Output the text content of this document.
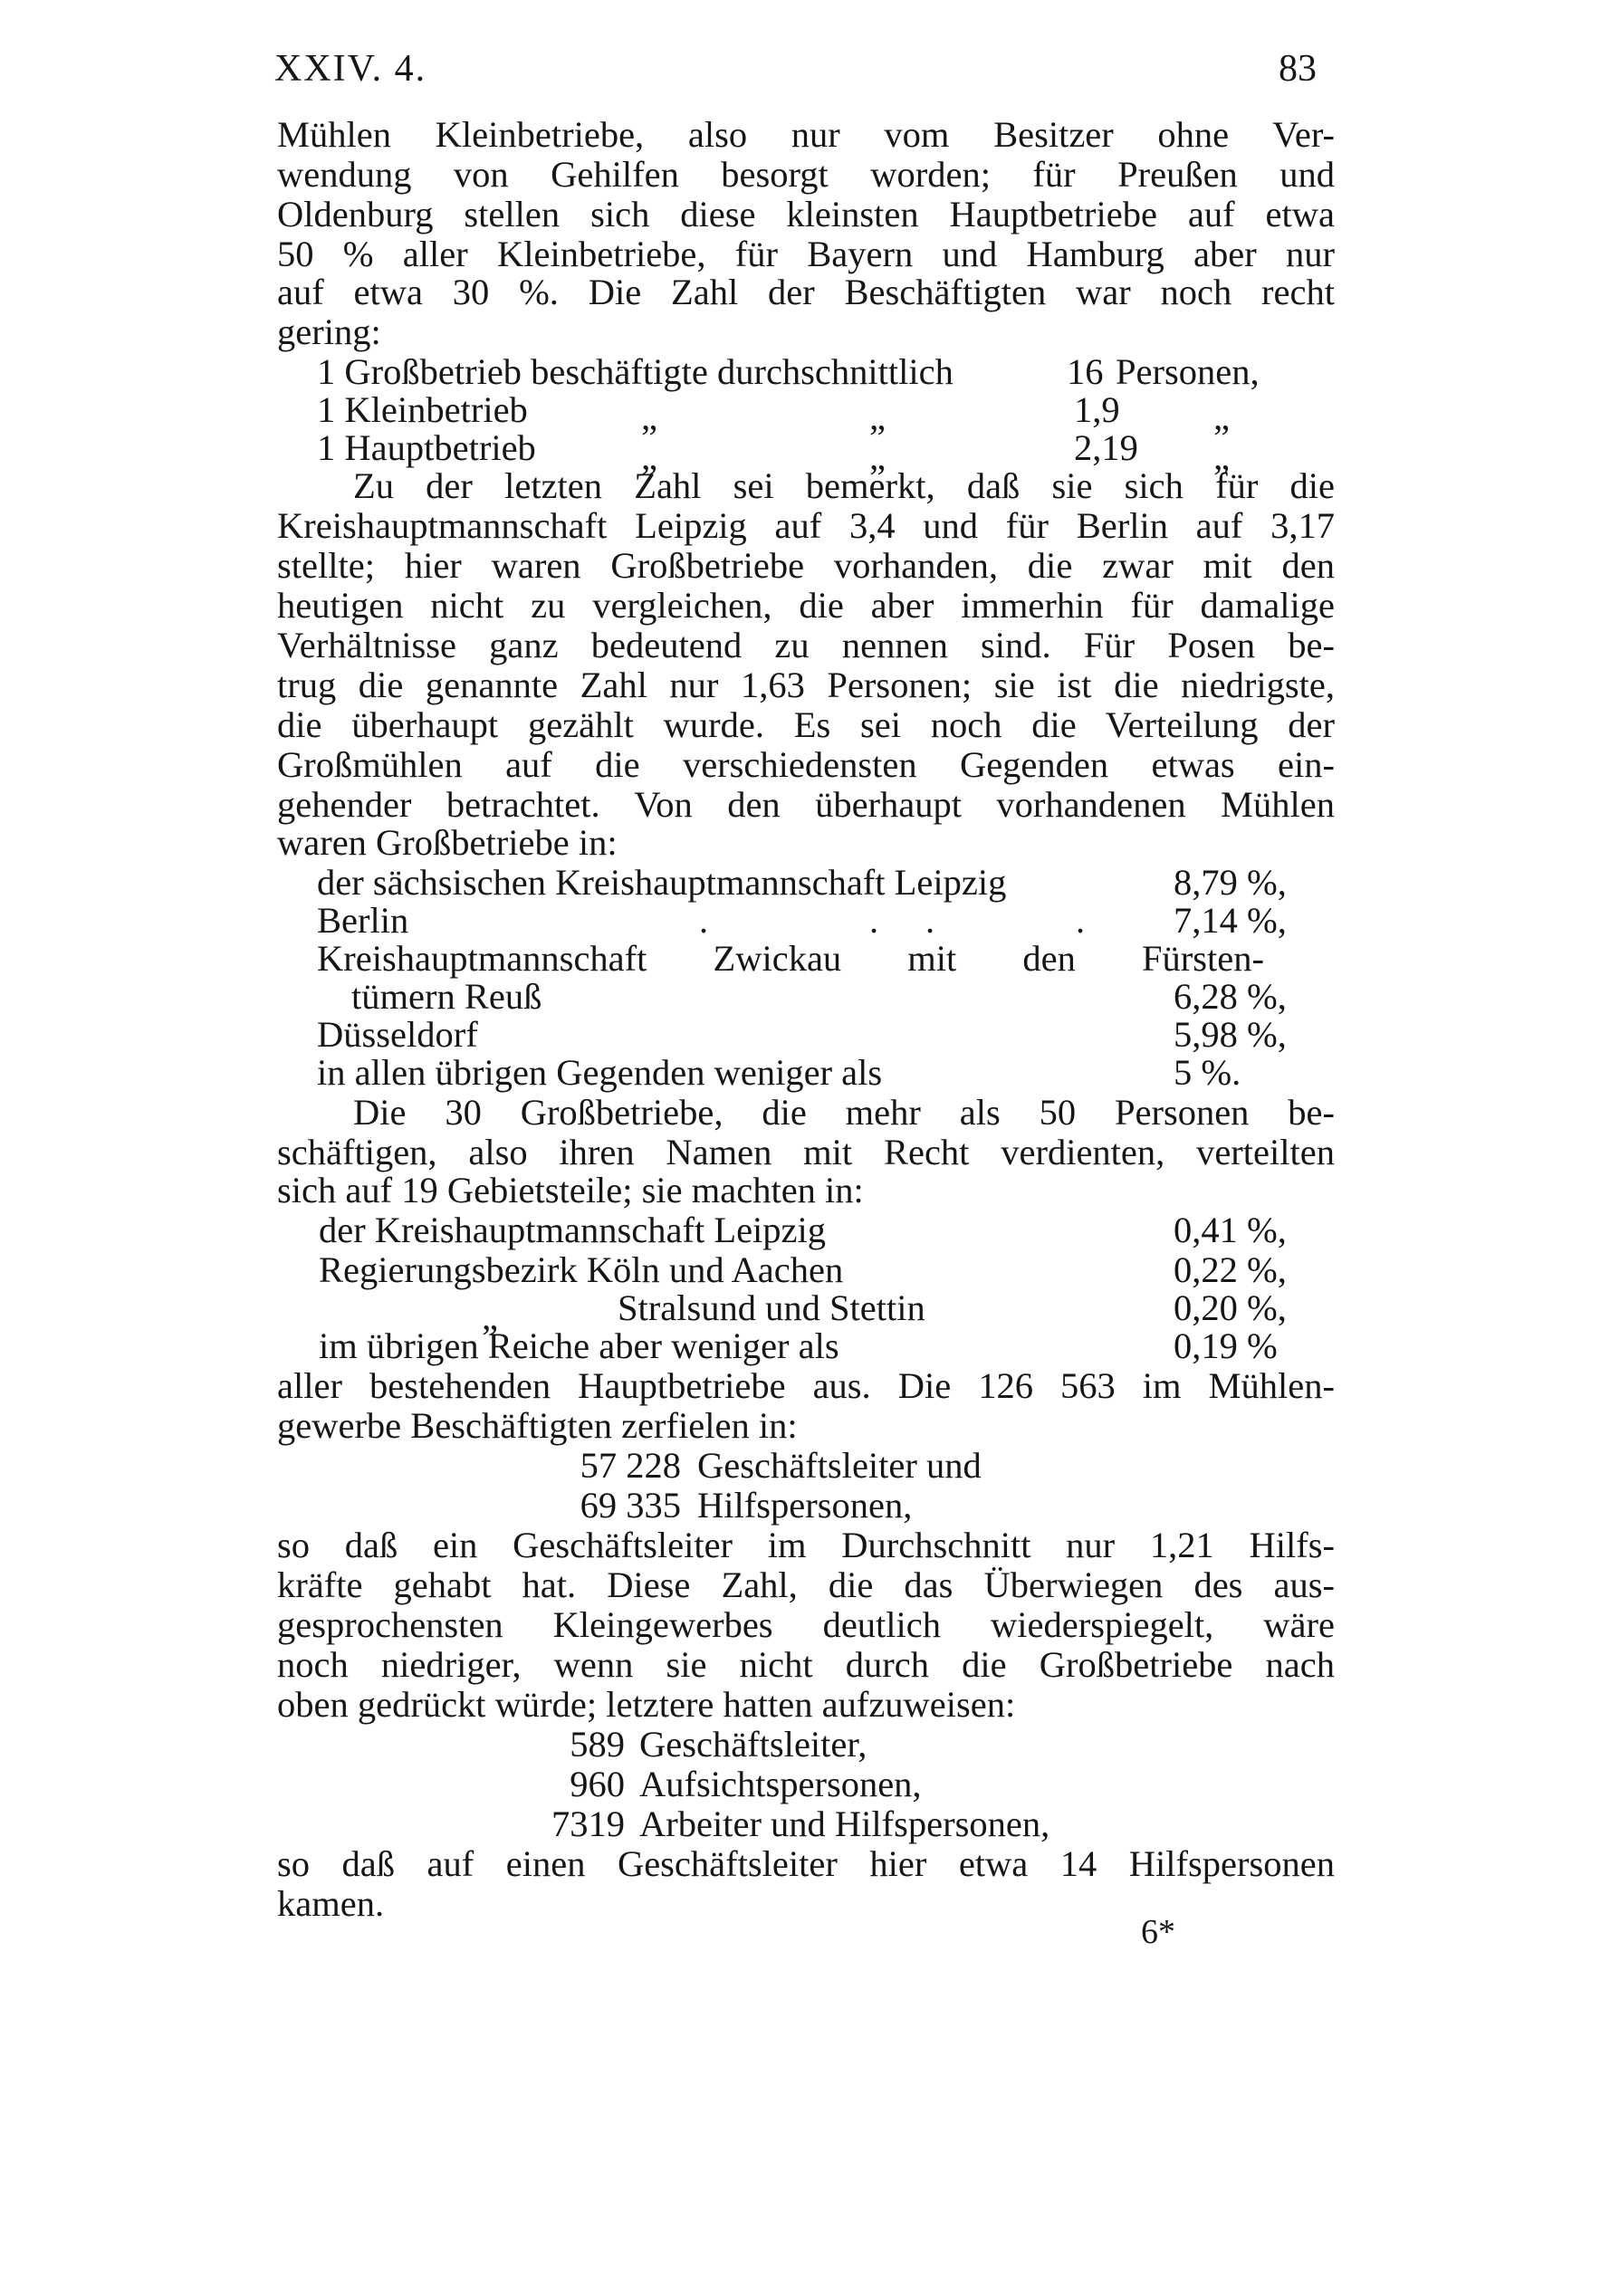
XXIV. 4.	83
Mühlen Kleinbetriebe, also nur vom Besitzer ohne Ver-
wendung von Gehilfen besorgt worden; für Preußen und
Oldenburg stellen sich diese kleinsten Hauptbetriebe auf etwa
50 % aller Kleinbetriebe, für Bayern und Hamburg aber nur
auf etwa 30 %. Die Zahl der Beschäftigten war noch recht
gering:
1 Großbetrieb beschäftigte durchschnittlich	16 Personen,
1 Kleinbetrieb	„	„	1,9	„
1 Hauptbetrieb	„	„	2,19 „
Zu der letzten Zahl sei bemerkt, daß sie sich für die
Kreishauptmannschaft Leipzig auf 3,4 und für Berlin auf 3,17
stellte; hier waren Großbetriebe vorhanden, die zwar mit den
heutigen nicht zu vergleichen, die aber immerhin für damalige
Verhältnisse ganz bedeutend zu nennen sind. Für Posen be-
trug die genannte Zahl nur 1,63 Personen; sie ist die niedrigste,
die überhaupt gezählt wurde. Es sei noch die Verteilung der
Großmühlen auf die verschiedensten Gegenden etwas ein-
gehender betrachtet. Von den überhaupt vorhandenen Mühlen
waren Großbetriebe in:
der sächsischen Kreishauptmannschaft Leipzig	8,79 %,
Berlin	.	. .	. 7,14 %,
Kreishauptmannschaft Zwickau mit den Fürsten-
tümern Reuß	6,28 %,
Düsseldorf	5,98 %,
in allen übrigen Gegenden weniger als	5 %.
Die 30 Großbetriebe, die mehr als 50 Personen be-
schäftigen, also ihren Namen mit Recht verdienten, verteilten
sich auf 19 Gebietsteile; sie machten in:
der Kreishauptmannschaft Leipzig	0,41 %,
Regierungsbezirk Köln und Aachen	0,22 %,
„	Stralsund und Stettin	0,20 %,
im übrigen Reiche aber weniger als	0,19 %
aller bestehenden Hauptbetriebe aus. Die 126 563 im Mühlen-
gewerbe Beschäftigten zerfielen in:
57 228 Geschäftsleiter und
69 335 Hilfspersonen,
so daß ein Geschäftsleiter im Durchschnitt nur 1,21 Hilfs-
kräfte gehabt hat. Diese Zahl, die das Überwiegen des aus-
gesprochensten Kleingewerbes deutlich wiederspiegelt, wäre
noch niedriger, wenn sie nicht durch die Großbetriebe nach
oben gedrückt würde; letztere hatten aufzuweisen:
589 Geschäftsleiter,
960 Aufsichtspersonen,
7319 Arbeiter und Hilfspersonen,
so daß auf einen Geschäftsleiter hier etwa 14 Hilfspersonen
kamen.
6*
